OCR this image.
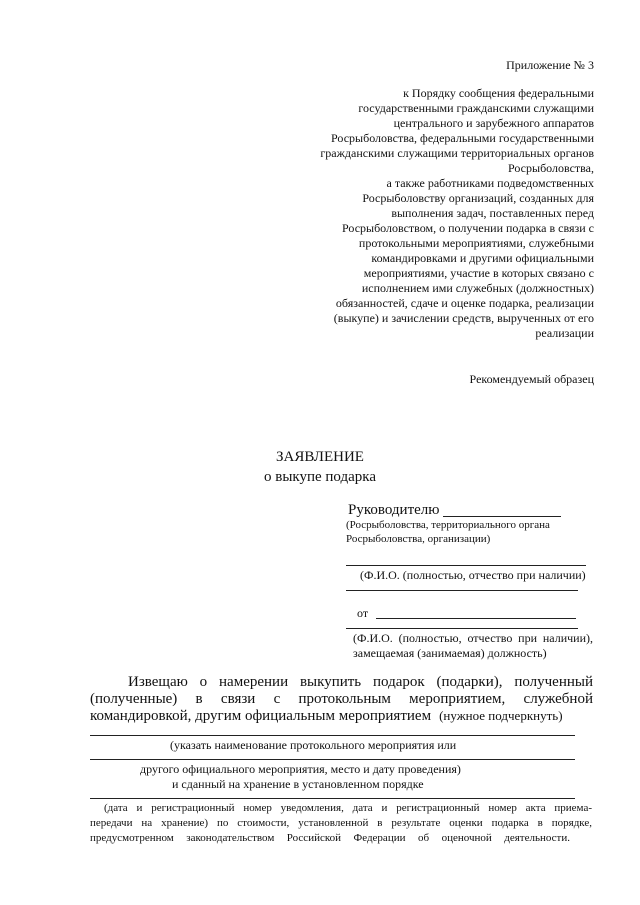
Приложение № 3
к Порядку сообщения федеральными
государственными гражданскими служащими
центрального и зарубежного аппаратов
Росрыболовства, федеральными государственными
гражданскими служащими территориальных органов
Росрыболовства,
а также работниками подведомственных
Росрыболовству организаций, созданных для
выполнения задач, поставленных перед
Росрыболовством, о получении подарка в связи с
протокольными мероприятиями, служебными
командировками и другими официальными
мероприятиями, участие в которых связано с
исполнением ими служебных (должностных)
обязанностей, сдаче и оценке подарка, реализации
(выкупе) и зачислении средств, вырученных от его
реализации
Рекомендуемый образец
ЗАЯВЛЕНИЕ
о выкупе подарка
Руководителю
(Росрыболовства, территориального органа
Росрыболовства, организации)
(Ф.И.О. (полностью, отчество при наличии)
от
(Ф.И.О. (полностью, отчество при наличии),
замещаемая (занимаемая) должность)
Извещаю о намерении выкупить подарок (подарки), полученный
(полученные) в связи с протокольным мероприятием, служебной
командировкой, другим официальным мероприятием (нужное подчеркнуть)
(указать наименование протокольного мероприятия или
другого официального мероприятия, место и дату проведения)
и сданный на хранение в установленном порядке
(дата и регистрационный номер уведомления, дата и регистрационный номер акта приема-
передачи на хранение) по стоимости, установленной в результате оценки подарка в порядке,
предусмотренном законодательством Российской Федерации об оценочной деятельности.
